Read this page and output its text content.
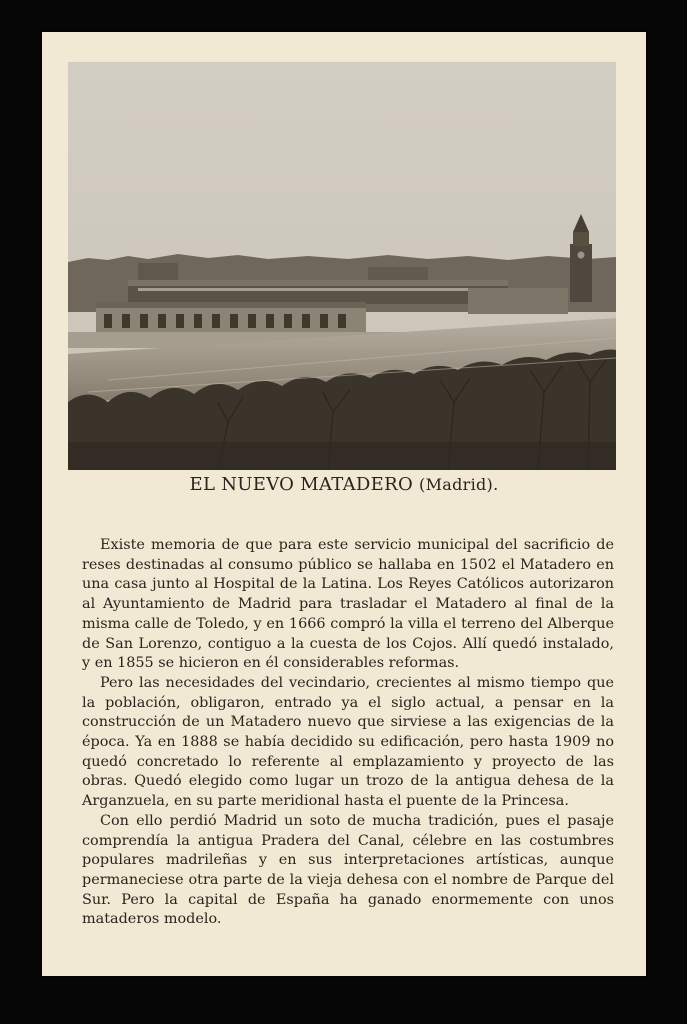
EL NUEVO MATADERO (Madrid).

Existe memoria de que para este servicio municipal del sacrificio de reses destinadas al consumo público se hallaba en 1502 el Matadero en una casa junto al Hospital de la Latina. Los Reyes Católicos autorizaron al Ayuntamiento de Madrid para trasladar el Matadero al final de la misma calle de Toledo, y en 1666 compró la villa el terreno del Alberque de San Lorenzo, contiguo a la cuesta de los Cojos. Allí quedó instalado, y en 1855 se hicieron en él considerables reformas.

Pero las necesidades del vecindario, crecientes al mismo tiempo que la población, obligaron, entrado ya el siglo actual, a pensar en la construcción de un Matadero nuevo que sirviese a las exigencias de la época. Ya en 1888 se había decidido su edificación, pero hasta 1909 no quedó concretado lo referente al emplazamiento y proyecto de las obras. Quedó elegido como lugar un trozo de la antigua dehesa de la Arganzuela, en su parte meridional hasta el puente de la Princesa.

Con ello perdió Madrid un soto de mucha tradición, pues el pasaje comprendía la antigua Pradera del Canal, célebre en las costumbres populares madrileñas y en sus interpretaciones artísticas, aunque permaneciese otra parte de la vieja dehesa con el nombre de Parque del Sur. Pero la capital de España ha ganado enormemente con unos mataderos modelo.
